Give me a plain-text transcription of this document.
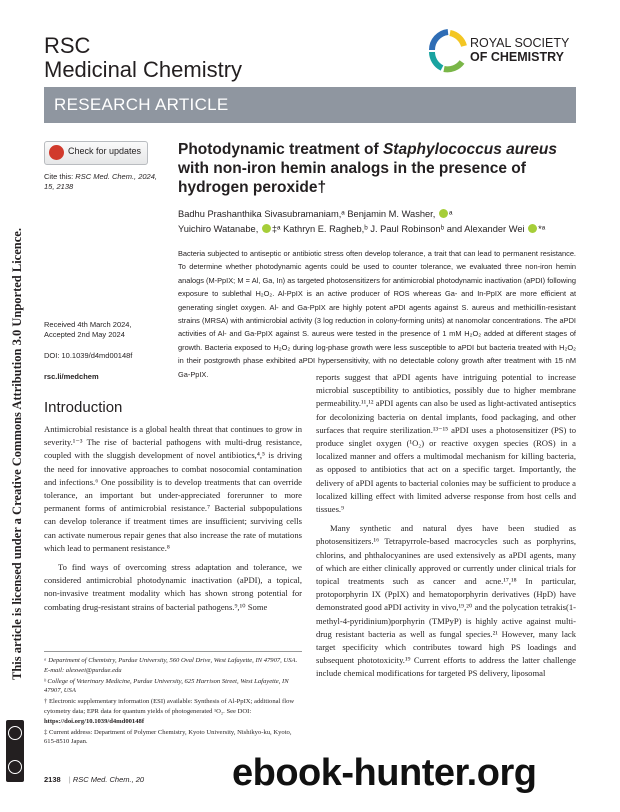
RSC
Medicinal Chemistry
ROYAL SOCIETY
OF CHEMISTRY
RESEARCH ARTICLE
Check for updates
Cite this: RSC Med. Chem., 2024, 15, 2138
Received 4th March 2024,
Accepted 2nd May 2024
DOI: 10.1039/d4md00148f
rsc.li/medchem
Photodynamic treatment of Staphylococcus aureus with non-iron hemin analogs in the presence of hydrogen peroxide†
Badhu Prashanthika Sivasubramaniam,ᵃ Benjamin M. Washer, ᵃ
Yuichiro Watanabe, ‡ᵃ Kathryn E. Ragheb,ᵇ J. Paul Robinsonᵇ and Alexander Wei *ᵃ
Bacteria subjected to antiseptic or antibiotic stress often develop tolerance, a trait that can lead to permanent resistance. To determine whether photodynamic agents could be used to counter tolerance, we evaluated three non-iron hemin analogs (M-PpIX; M = Al, Ga, In) as targeted photosensitizers for antimicrobial photodynamic inactivation (aPDI) following exposure to sublethal H₂O₂. Al-PpIX is an active producer of ROS whereas Ga- and In-PpIX are more efficient at generating singlet oxygen. Al- and Ga-PpIX are highly potent aPDI agents against S. aureus and methicillin-resistant strains (MRSA) with antimicrobial activity (3 log reduction in colony-forming units) at nanomolar concentrations. The aPDI activities of Al- and Ga-PpIX against S. aureus were tested in the presence of 1 mM H₂O₂ added at different stages of growth. Bacteria exposed to H₂O₂ during log-phase growth were less susceptible to aPDI but bacteria treated with H₂O₂ in their postgrowth phase exhibited aPDI hypersensitivity, with no detectable colony growth after treatment with 15 nM Ga-PpIX.
Introduction

Antimicrobial resistance is a global health threat that continues to grow in severity.¹⁻³ The rise of bacterial pathogens with multi-drug resistance, coupled with the sluggish development of novel antibiotics,⁴,⁵ is driving the need for innovative approaches to combat nosocomial contamination and infections.⁶ One possibility is to develop treatments that can override tolerance, an important but under-appreciated forerunner to more permanent forms of antimicrobial resistance.⁷ Bacterial subpopulations can develop tolerance if treatment times are insufficient; surviving cells can activate numerous repair genes that also increase the rate of mutations which lead to permanent resistance.⁸

To find ways of overcoming stress adaptation and tolerance, we considered antimicrobial photodynamic inactivation (aPDI), a topical, non-invasive treatment modality which has shown strong potential for combating drug-resistant strains of bacterial pathogens.⁹,¹⁰ Some

reports suggest that aPDI agents have intriguing potential to increase microbial susceptibility to antibiotics, possibly due to higher membrane permeability.¹¹,¹² aPDI agents can also be used as light-activated antiseptics for decolonizing bacteria on dental implants, food packaging, and other surfaces that require sterilization.¹³⁻¹⁵ aPDI uses a photosensitizer (PS) to produce singlet oxygen (¹O₂) or reactive oxygen species (ROS) in a localized manner and offers a multimodal mechanism for killing bacteria, as opposed to antibiotics that act on a specific target. Importantly, the delivery of aPDI agents to bacterial colonies may be sufficient to produce a localized killing effect with limited adverse response from host cells and tissues.⁹

Many synthetic and natural dyes have been studied as photosensitizers.¹⁶ Tetrapyrrole-based macrocycles such as porphyrins, chlorins, and phthalocyanines are used extensively as aPDI agents, many of which are either clinically approved or currently under clinical trials for topical treatments such as cancer and acne.¹⁷,¹⁸ In particular, protoporphyrin IX (PpIX) and hematoporphyrin derivatives (HpD) have demonstrated good aPDI activity in vivo,¹⁹,²⁰ and the polycation tetrakis(1-methyl-4-pyridinium)porphyrin (TMPyP) is highly active against multi-drug resistant bacteria as well as fungal species.²¹ However, many lack target specificity which contributes toward high PS loadings and subsequent phototoxicity.¹⁹ Current efforts to address the latter challenge include chemical modifications for targeted PS delivery, liposomal

ᵃ Department of Chemistry, Purdue University, 560 Oval Drive, West Lafayette, IN 47907, USA. E-mail: alexwei@purdue.edu

ᵇ College of Veterinary Medicine, Purdue University, 625 Harrison Street, West Lafayette, IN 47907, USA

† Electronic supplementary information (ESI) available: Synthesis of Al-PpIX; additional flow cytometry data; EPR data for quantum yields of photogenerated ¹O₂. See DOI: https://doi.org/10.1039/d4md00148f

‡ Current address: Department of Polymer Chemistry, Kyoto University, Nishikyo-ku, Kyoto, 615-8510 Japan.

This article is licensed under a Creative Commons Attribution 3.0 Unported Licence.
2138 | RSC Med. Chem., 20 ebook-hunter.org
